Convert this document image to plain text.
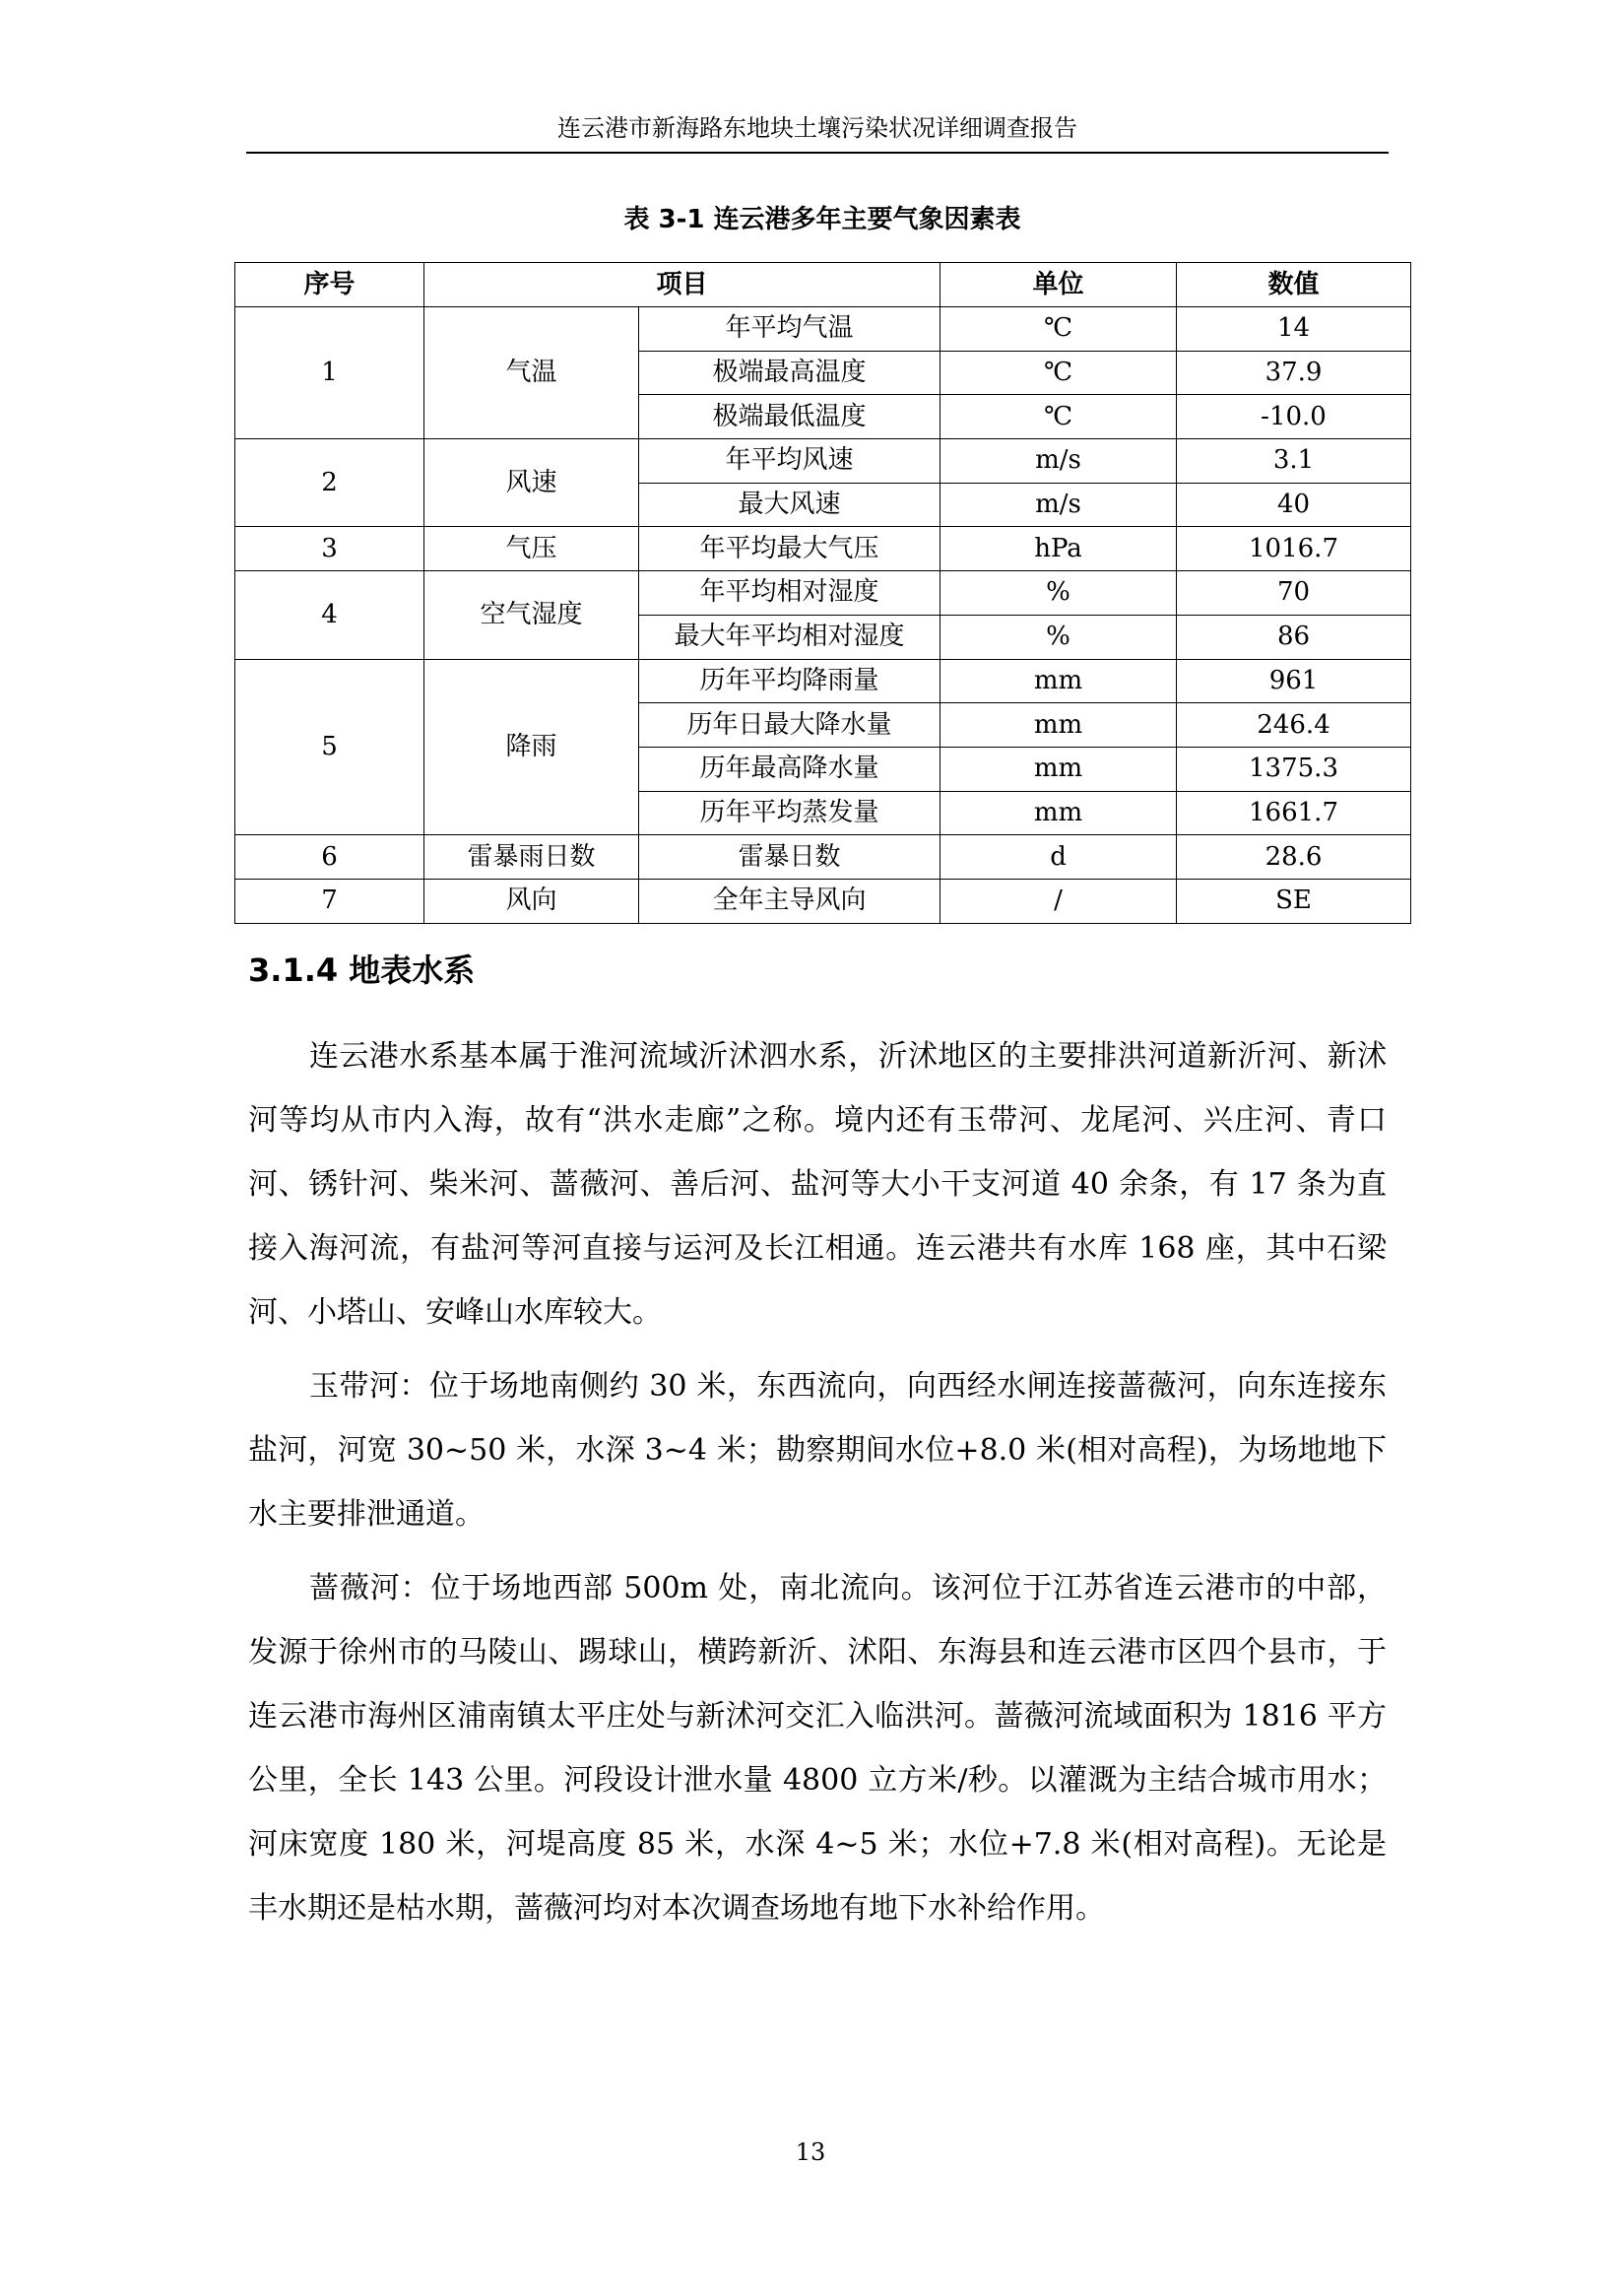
连云港市新海路东地块土壤污染状况详细调查报告
表 3-1 连云港多年主要气象因素表
序号	项目		单位	数值
1	气温	年平均气温	℃	14
		极端最高温度	℃	37.9
		极端最低温度	℃	-10.0
2	风速	年平均风速	m/s	3.1
		最大风速	m/s	40
3	气压	年平均最大气压	hPa	1016.7
4	空气湿度	年平均相对湿度	%	70
		最大年平均相对湿度	%	86
5	降雨	历年平均降雨量	mm	961
		历年日最大降水量	mm	246.4
		历年最高降水量	mm	1375.3
		历年平均蒸发量	mm	1661.7
6	雷暴雨日数	雷暴日数	d	28.6
7	风向	全年主导风向	/	SE
3.1.4 地表水系

连云港水系基本属于淮河流域沂沭泗水系，沂沭地区的主要排洪河道新沂河、新沭河等均从市内入海，故有“洪水走廊”之称。境内还有玉带河、龙尾河、兴庄河、青口河、锈针河、柴米河、蔷薇河、善后河、盐河等大小干支河道 40 余条，有 17 条为直接入海河流，有盐河等河直接与运河及长江相通。连云港共有水库 168 座，其中石梁河、小塔山、安峰山水库较大。

玉带河：位于场地南侧约 30 米，东西流向，向西经水闸连接蔷薇河，向东连接东盐河，河宽 30~50 米，水深 3~4 米；勘察期间水位+8.0 米(相对高程)，为场地地下水主要排泄通道。

蔷薇河：位于场地西部 500m 处，南北流向。该河位于江苏省连云港市的中部，发源于徐州市的马陵山、踢球山，横跨新沂、沭阳、东海县和连云港市区四个县市，于连云港市海州区浦南镇太平庄处与新沭河交汇入临洪河。蔷薇河流域面积为 1816 平方公里，全长 143 公里。河段设计泄水量 4800 立方米/秒。以灌溉为主结合城市用水；河床宽度 180 米，河堤高度 85 米，水深 4~5 米；水位+7.8 米(相对高程)。无论是丰水期还是枯水期，蔷薇河均对本次调查场地有地下水补给作用。

13
